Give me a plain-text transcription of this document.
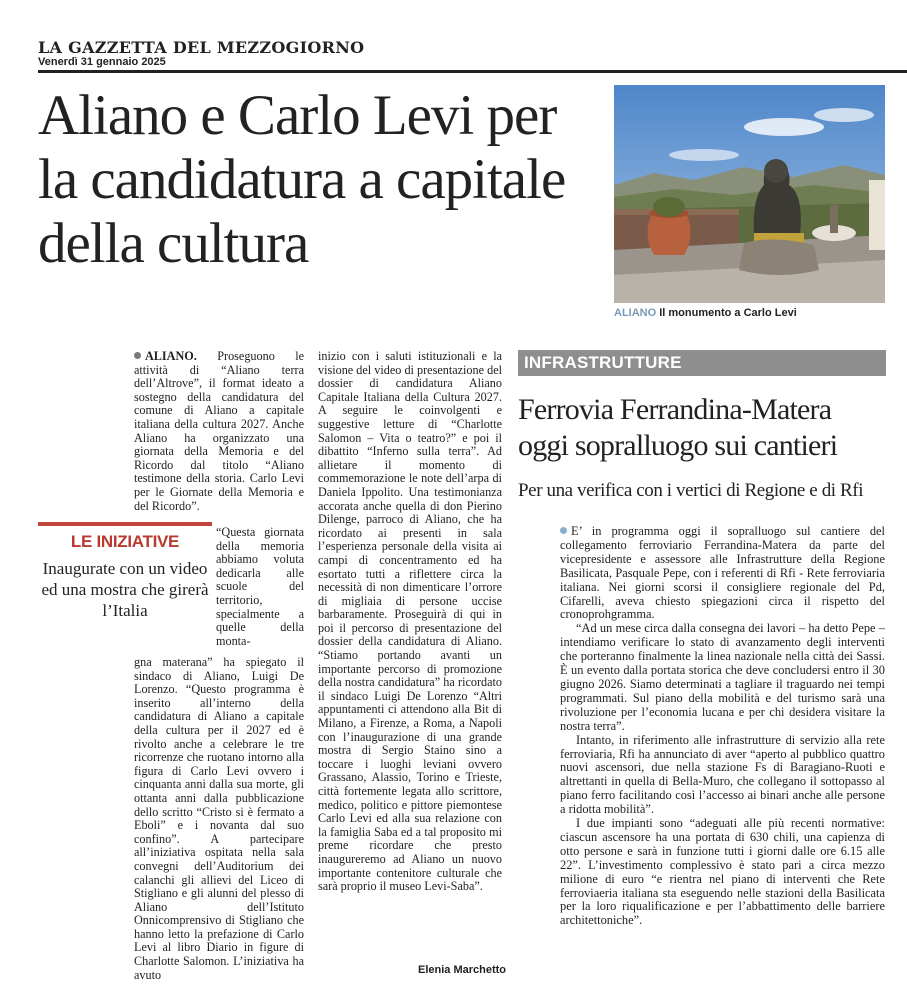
LA GAZZETTA DEL MEZZOGIORNO
Venerdì 31 gennaio 2025
Aliano e Carlo Levi per la candidatura a capitale della cultura
ALIANO Il monumento a Carlo Levi

ALIANO. Proseguono le attività di “Aliano terra dell’Altrove”, il format ideato a sostegno della candidatura del comune di Aliano a capitale italiana della cultura 2027. Anche Aliano ha organizzato una giornata della Memoria e del Ricordo dal titolo “Aliano testimone della storia. Carlo Levi per le Giornate della Memoria e del Ricordo”.

LE INIZIATIVE
Inaugurate con un video ed una mostra che girerà l’Italia

“Questa giornata della memoria abbiamo voluta dedicarla alle scuole del territorio, specialmente a quelle della monta-

gna materana” ha spiegato il sindaco di Aliano, Luigi De Lorenzo. “Questo programma è inserito all’interno della candidatura di Aliano a capitale della cultura per il 2027 ed è rivolto anche a celebrare le tre ricorrenze che ruotano intorno alla figura di Carlo Levi ovvero i cinquanta anni dalla sua morte, gli ottanta anni dalla pubblicazione dello scritto “Cristo si è fermato a Eboli” e i novanta dal suo confino”. A partecipare all’iniziativa ospitata nella sala convegni dell’Auditorium dei calanchi gli allievi del Liceo di Stigliano e gli alunni del plesso di Aliano dell’Istituto Onnicomprensivo di Stigliano che hanno letto la prefazione di Carlo Levi al libro Diario in figure di Charlotte Salomon. L’iniziativa ha avuto

inizio con i saluti istituzionali e la visione del video di presentazione del dossier di candidatura Aliano Capitale Italiana della Cultura 2027. A seguire le coinvolgenti e suggestive letture di “Charlotte Salomon – Vita o teatro?” e poi il dibattito “Inferno sulla terra”. Ad allietare il momento di commemorazione le note dell’arpa di Daniela Ippolito. Una testimonianza accorata anche quella di don Pierino Dilenge, parroco di Aliano, che ha ricordato ai presenti in sala l’esperienza personale della visita ai campi di concentramento ed ha esortato tutti a riflettere circa la necessità di non dimenticare l’orrore di migliaia di persone uccise barbaramente. Proseguirà di qui in poi il percorso di presentazione del dossier della candidatura di Aliano. “Stiamo portando avanti un importante percorso di promozione della nostra candidatura” ha ricordato il sindaco Luigi De Lorenzo “Altri appuntamenti ci attendono alla Bit di Milano, a Firenze, a Roma, a Napoli con l’inaugurazione di una grande mostra di Sergio Staino sino a toccare i luoghi leviani ovvero Grassano, Alassio, Torino e Trieste, città fortemente legata allo scrittore, medico, politico e pittore piemontese Carlo Levi ed alla sua relazione con la famiglia Saba ed a tal proposito mi preme ricordare che presto inaugureremo ad Aliano un nuovo importante contenitore culturale che sarà proprio il museo Levi-Saba”.

Elenia Marchetto
INFRASTRUTTURE
Ferrovia Ferrandina-Matera oggi sopralluogo sui cantieri
Per una verifica con i vertici di Regione e di Rfi

E’ in programma oggi il sopralluogo sul cantiere del collegamento ferroviario Ferrandina-Matera da parte del vicepresidente e assessore alle Infrastrutture della Regione Basilicata, Pasquale Pepe, con i referenti di Rfi - Rete ferroviaria italiana. Nei giorni scorsi il consigliere regionale del Pd, Cifarelli, aveva chiesto spiegazioni circa il rispetto del cronoprohgramma.

“Ad un mese circa dalla consegna dei lavori – ha detto Pepe – intendiamo verificare lo stato di avanzamento degli interventi che porteranno finalmente la linea nazionale nella città dei Sassi. È un evento dalla portata storica che deve concludersi entro il 30 giugno 2026. Siamo determinati a tagliare il traguardo nei tempi programmati. Sul piano della mobilità e del turismo sarà una rivoluzione per l’economia lucana e per chi desidera visitare la nostra terra”.

Intanto, in riferimento alle infrastrutture di servizio alla rete ferroviaria, Rfi ha annunciato di aver “aperto al pubblico quattro nuovi ascensori, due nella stazione Fs di Baragiano-Ruoti e altrettanti in quella di Bella-Muro, che collegano il sottopasso al piano ferro facilitando così l’accesso ai binari anche alle persone a ridotta mobilità”.

I due impianti sono “adeguati alle più recenti normative: ciascun ascensore ha una portata di 630 chili, una capienza di otto persone e sarà in funzione tutti i giorni dalle ore 6.15 alle 22”. L’investimento complessivo è stato pari a circa mezzo milione di euro “e rientra nel piano di interventi che Rete ferroviaeria italiana sta eseguendo nelle stazioni della Basilicata per la loro riqualificazione e per l’abbattimento delle barriere architettoniche”.
